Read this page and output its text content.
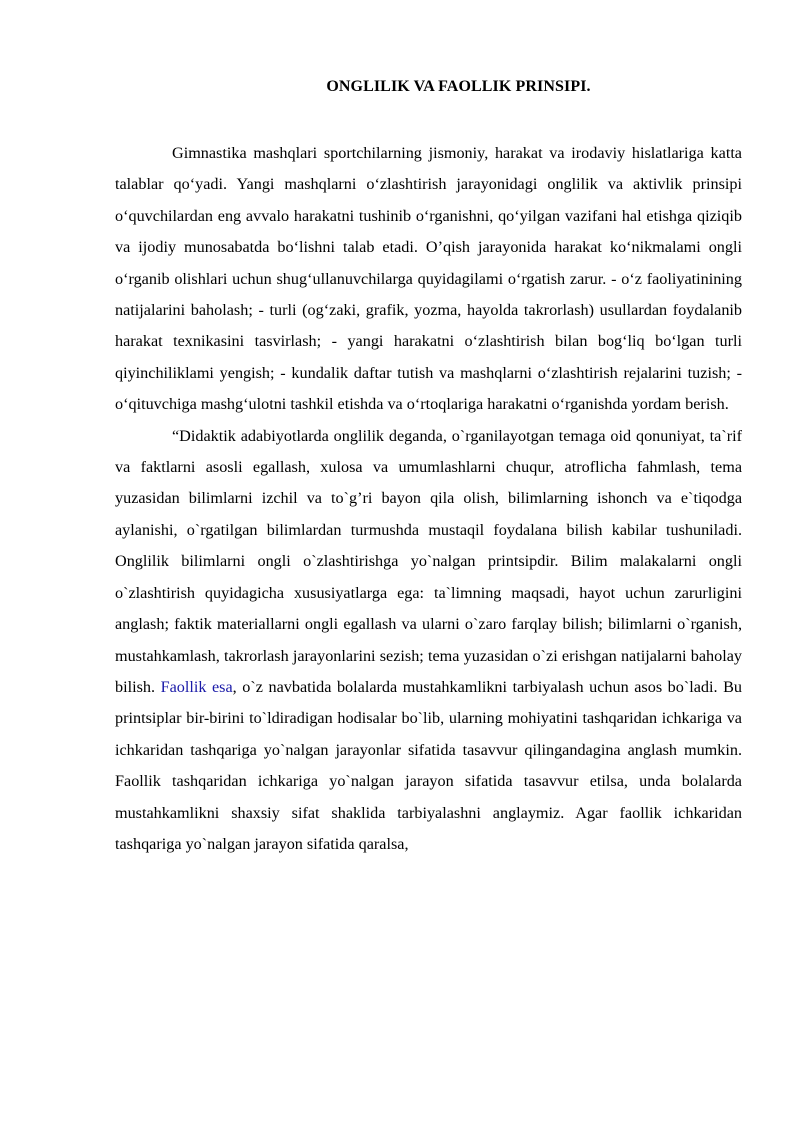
ONGLILIK VA FAOLLIK PRINSIPI.

Gimnastika mashqlari sportchilarning jismoniy, harakat va irodaviy hislatlariga katta talablar qo‘yadi. Yangi mashqlarni o‘zlashtirish jarayonidagi onglilik va aktivlik prinsipi o‘quvchilardan eng avvalo harakatni tushinib o‘rganishni, qo‘yilgan vazifani hal etishga qiziqib va ijodiy munosabatda bo‘lishni talab etadi. O’qish jarayonida harakat ko‘nikmalami ongli o‘rganib olishlari uchun shug‘ullanuvchilarga quyidagilami o‘rgatish zarur. - o‘z faoliyatinining natijalarini baholash; - turli (og‘zaki, grafik, yozma, hayolda takrorlash) usullardan foydalanib harakat texnikasini tasvirlash; - yangi harakatni o‘zlashtirish bilan bog‘liq bo‘lgan turli qiyinchiliklami yengish; - kundalik daftar tutish va mashqlarni o‘zlashtirish rejalarini tuzish; - o‘qituvchiga mashg‘ulotni tashkil etishda va o‘rtoqlariga harakatni o‘rganishda yordam berish.

“Didaktik adabiyotlarda onglilik deganda, o`rganilayotgan temaga oid qonuniyat, ta`rif va faktlarni asosli egallash, xulosa va umumlashlarni chuqur, atroflicha fahmlash, tema yuzasidan bilimlarni izchil va to`g’ri bayon qila olish, bilimlarning ishonch va e`tiqodga aylanishi, o`rgatilgan bilimlardan turmushda mustaqil foydalana bilish kabilar tushuniladi. Onglilik bilimlarni ongli o`zlashtirishga yo`nalgan printsipdir. Bilim malakalarni ongli o`zlashtirish quyidagicha xususiyatlarga ega: ta`limning maqsadi, hayot uchun zarurligini anglash; faktik materiallarni ongli egallash va ularni o`zaro farqlay bilish; bilimlarni o`rganish, mustahkamlash, takrorlash jarayonlarini sezish; tema yuzasidan o`zi erishgan natijalarni baholay bilish. Faollik esa, o`z navbatida bolalarda mustahkamlikni tarbiyalash uchun asos bo`ladi. Bu printsiplar bir-birini to`ldiradigan hodisalar bo`lib, ularning mohiyatini tashqaridan ichkariga va ichkaridan tashqariga yo`nalgan jarayonlar sifatida tasavvur qilingandagina anglash mumkin. Faollik tashqaridan ichkariga yo`nalgan jarayon sifatida tasavvur etilsa, unda bolalarda mustahkamlikni shaxsiy sifat shaklida tarbiyalashni anglaymiz. Agar faollik ichkaridan tashqariga yo`nalgan jarayon sifatida qaralsa,
